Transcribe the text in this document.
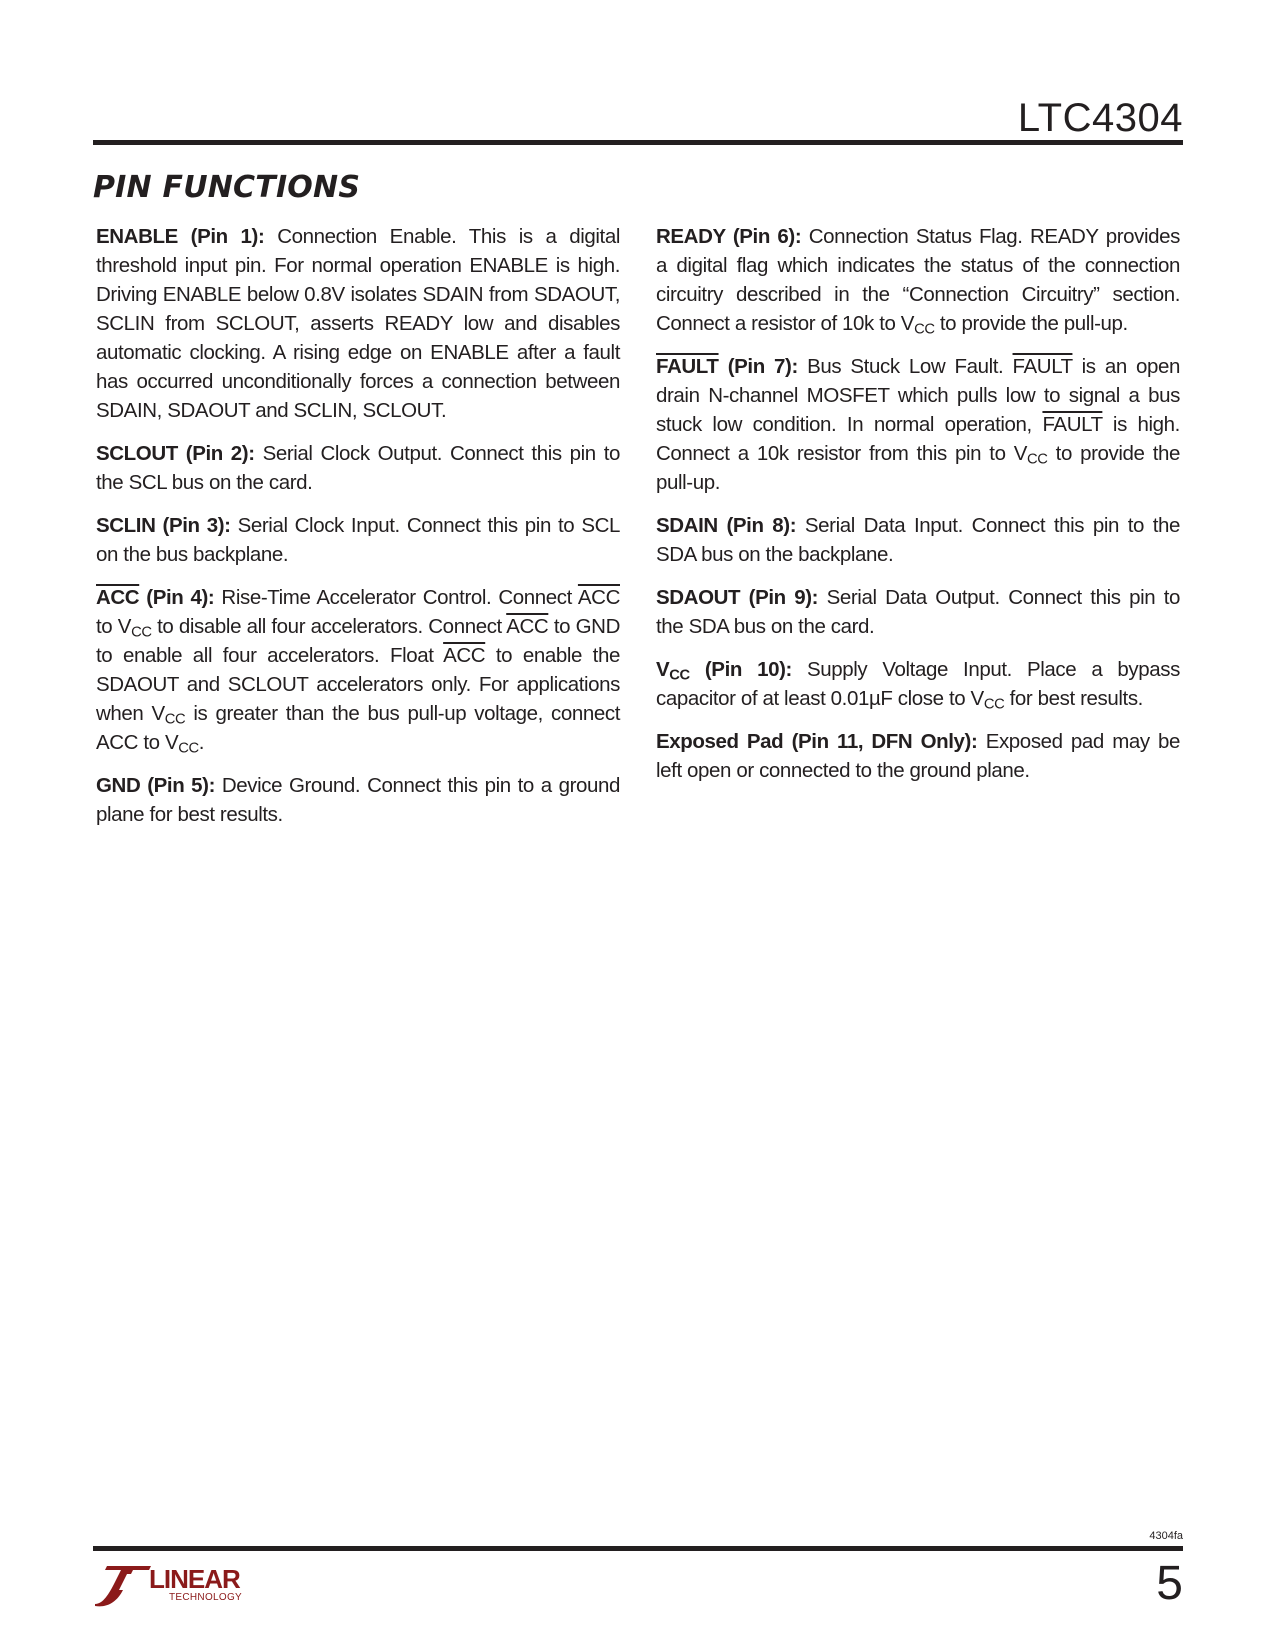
LTC4304
PIN FUNCTIONS

ENABLE (Pin 1): Connection Enable. This is a digital threshold input pin. For normal operation ENABLE is high. Driving ENABLE below 0.8V isolates SDAIN from SDAOUT, SCLIN from SCLOUT, asserts READY low and disables automatic clocking. A rising edge on ENABLE after a fault has occurred unconditionally forces a connection between SDAIN, SDAOUT and SCLIN, SCLOUT.

SCLOUT (Pin 2): Serial Clock Output. Connect this pin to the SCL bus on the card.

SCLIN (Pin 3): Serial Clock Input. Connect this pin to SCL on the bus backplane.

$\overline{ACC}$ (Pin 4): Rise-Time Accelerator Control. Connect $\overline{ACC}$ to $V_{CC}$ to disable all four accelerators. Connect $\overline{ACC}$ to GND to enable all four accelerators. Float $\overline{ACC}$ to enable the SDAOUT and SCLOUT accelerators only. For applications when $V_{CC}$ is greater than the bus pull-up voltage, connect ACC to $V_{CC}$.

GND (Pin 5): Device Ground. Connect this pin to a ground plane for best results.

READY (Pin 6): Connection Status Flag. READY provides a digital flag which indicates the status of the connection circuitry described in the “Connection Circuitry” section. Connect a resistor of 10k to $V_{CC}$ to provide the pull-up.

FAULT (Pin 7): Bus Stuck Low Fault. FAULT is an open drain N-channel MOSFET which pulls low to signal a bus stuck low condition. In normal operation, FAULT is high. Connect a 10k resistor from this pin to $V_{CC}$ to provide the pull-up.

SDAIN (Pin 8): Serial Data Input. Connect this pin to the SDA bus on the backplane.

SDAOUT (Pin 9): Serial Data Output. Connect this pin to the SDA bus on the card.

$V_{CC}$ (Pin 10): Supply Voltage Input. Place a bypass capacitor of at least 0.01µF close to $V_{CC}$ for best results.

Exposed Pad (Pin 11, DFN Only): Exposed pad may be left open or connected to the ground plane.

4304fa
LINEAR
TECHNOLOGY	5
